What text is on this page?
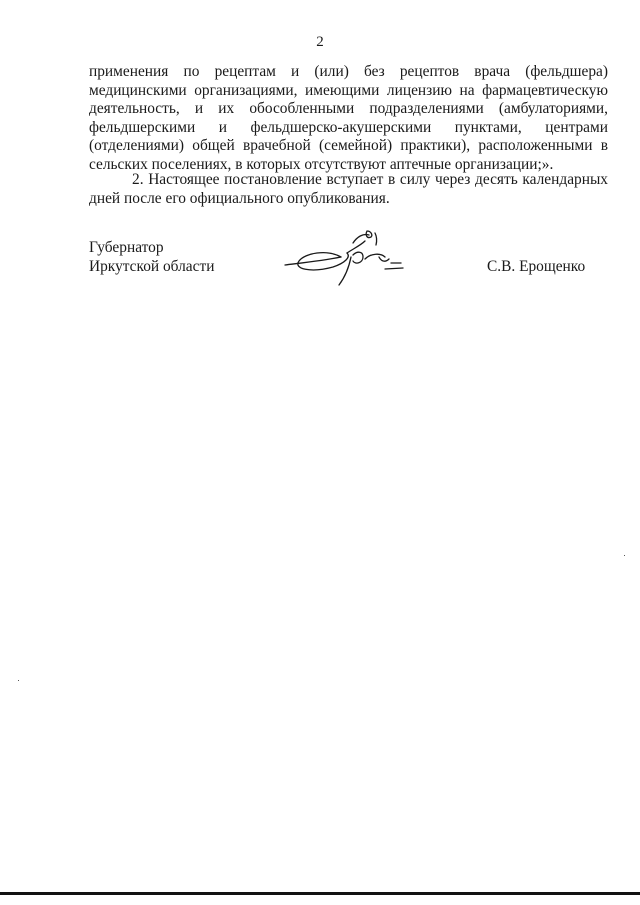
2
применения по рецептам и (или) без рецептов врача (фельдшера)
медицинскими организациями, имеющими лицензию на фармацевтическую
деятельность, и их обособленными подразделениями (амбулаториями,
фельдшерскими и фельдшерско-акушерскими пунктами, центрами
(отделениями) общей врачебной (семейной) практики), расположенными в
сельских поселениях, в которых отсутствуют аптечные организации;».
2. Настоящее постановление вступает в силу через десять календарных
дней после его официального опубликования.
Губернатор
Иркутской области	С.В. Ерощенко
